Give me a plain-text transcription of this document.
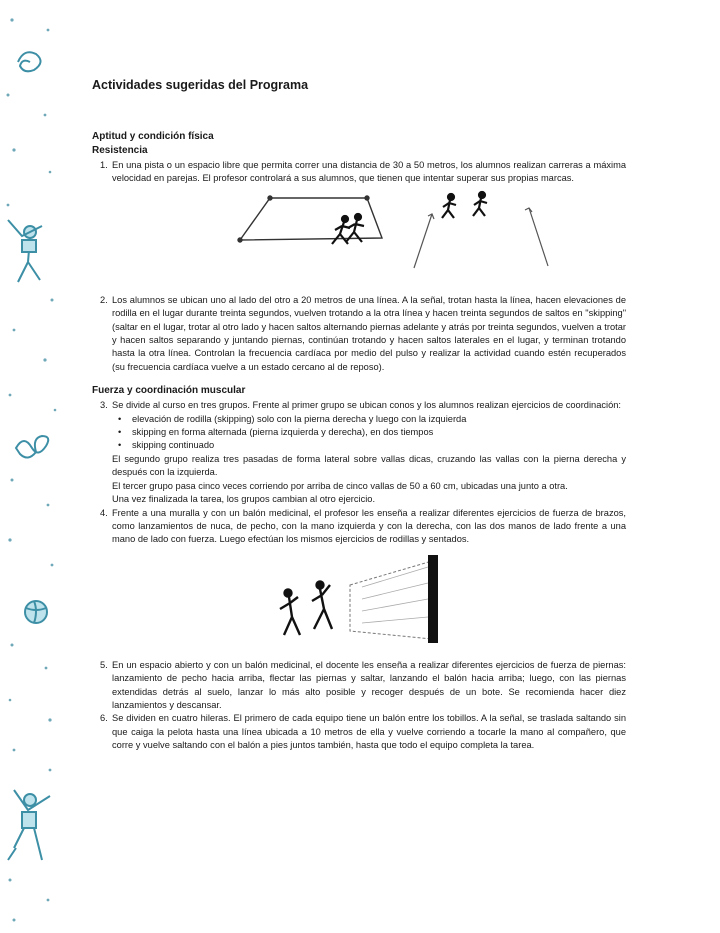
Actividades sugeridas del Programa
Aptitud y condición física
Resistencia
1. En una pista o un espacio libre que permita correr una distancia de 30 a 50 metros, los alumnos realizan carreras a máxima velocidad en parejas. El profesor controlará a sus alumnos, que tienen que intentar superar sus propias marcas.
2. Los alumnos se ubican uno al lado del otro a 20 metros de una línea. A la señal, trotan hasta la línea, hacen elevaciones de rodilla en el lugar durante treinta segundos, vuelven trotando a la otra línea y hacen treinta segundos de saltos en "skipping" (saltar en el lugar, trotar al otro lado y hacen saltos alternando piernas adelante y atrás por treinta segundos, vuelven a trotar y hacen saltos separando y juntando piernas, continúan trotando y hacen saltos laterales en el lugar, y terminan trotando hasta la otra línea. Controlan la frecuencia cardíaca por medio del pulso y realizar la actividad cuando estén recuperados (su frecuencia cardíaca vuelve a un estado cercano al de reposo).
Fuerza y coordinación muscular
3. Se divide al curso en tres grupos. Frente al primer grupo se ubican conos y los alumnos realizan ejercicios de coordinación:
• elevación de rodilla (skipping) solo con la pierna derecha y luego con la izquierda
• skipping en forma alternada (pierna izquierda y derecha), en dos tiempos
• skipping continuado

El segundo grupo realiza tres pasadas de forma lateral sobre vallas dicas, cruzando las vallas con la pierna derecha y después con la izquierda.

El tercer grupo pasa cinco veces corriendo por arriba de cinco vallas de 50 a 60 cm, ubicadas una junto a otra.

Una vez finalizada la tarea, los grupos cambian al otro ejercicio.

4. Frente a una muralla y con un balón medicinal, el profesor les enseña a realizar diferentes ejercicios de fuerza de brazos, como lanzamientos de nuca, de pecho, con la mano izquierda y con la derecha, con las dos manos de lado frente a una mano de lado con fuerza. Luego efectúan los mismos ejercicios de rodillas y sentados.
5. En un espacio abierto y con un balón medicinal, el docente les enseña a realizar diferentes ejercicios de fuerza de piernas: lanzamiento de pecho hacia arriba, flectar las piernas y saltar, lanzando el balón hacia arriba; luego, con las piernas extendidas detrás al suelo, lanzar lo más alto posible y recoger después de un bote. Se recomienda hacer diez lanzamientos y descansar.
6. Se dividen en cuatro hileras. El primero de cada equipo tiene un balón entre los tobillos. A la señal, se traslada saltando sin que caiga la pelota hasta una línea ubicada a 10 metros de ella y vuelve corriendo a tocarle la mano al compañero, que corre y vuelve saltando con el balón a pies juntos también, hasta que todo el equipo completa la tarea.
